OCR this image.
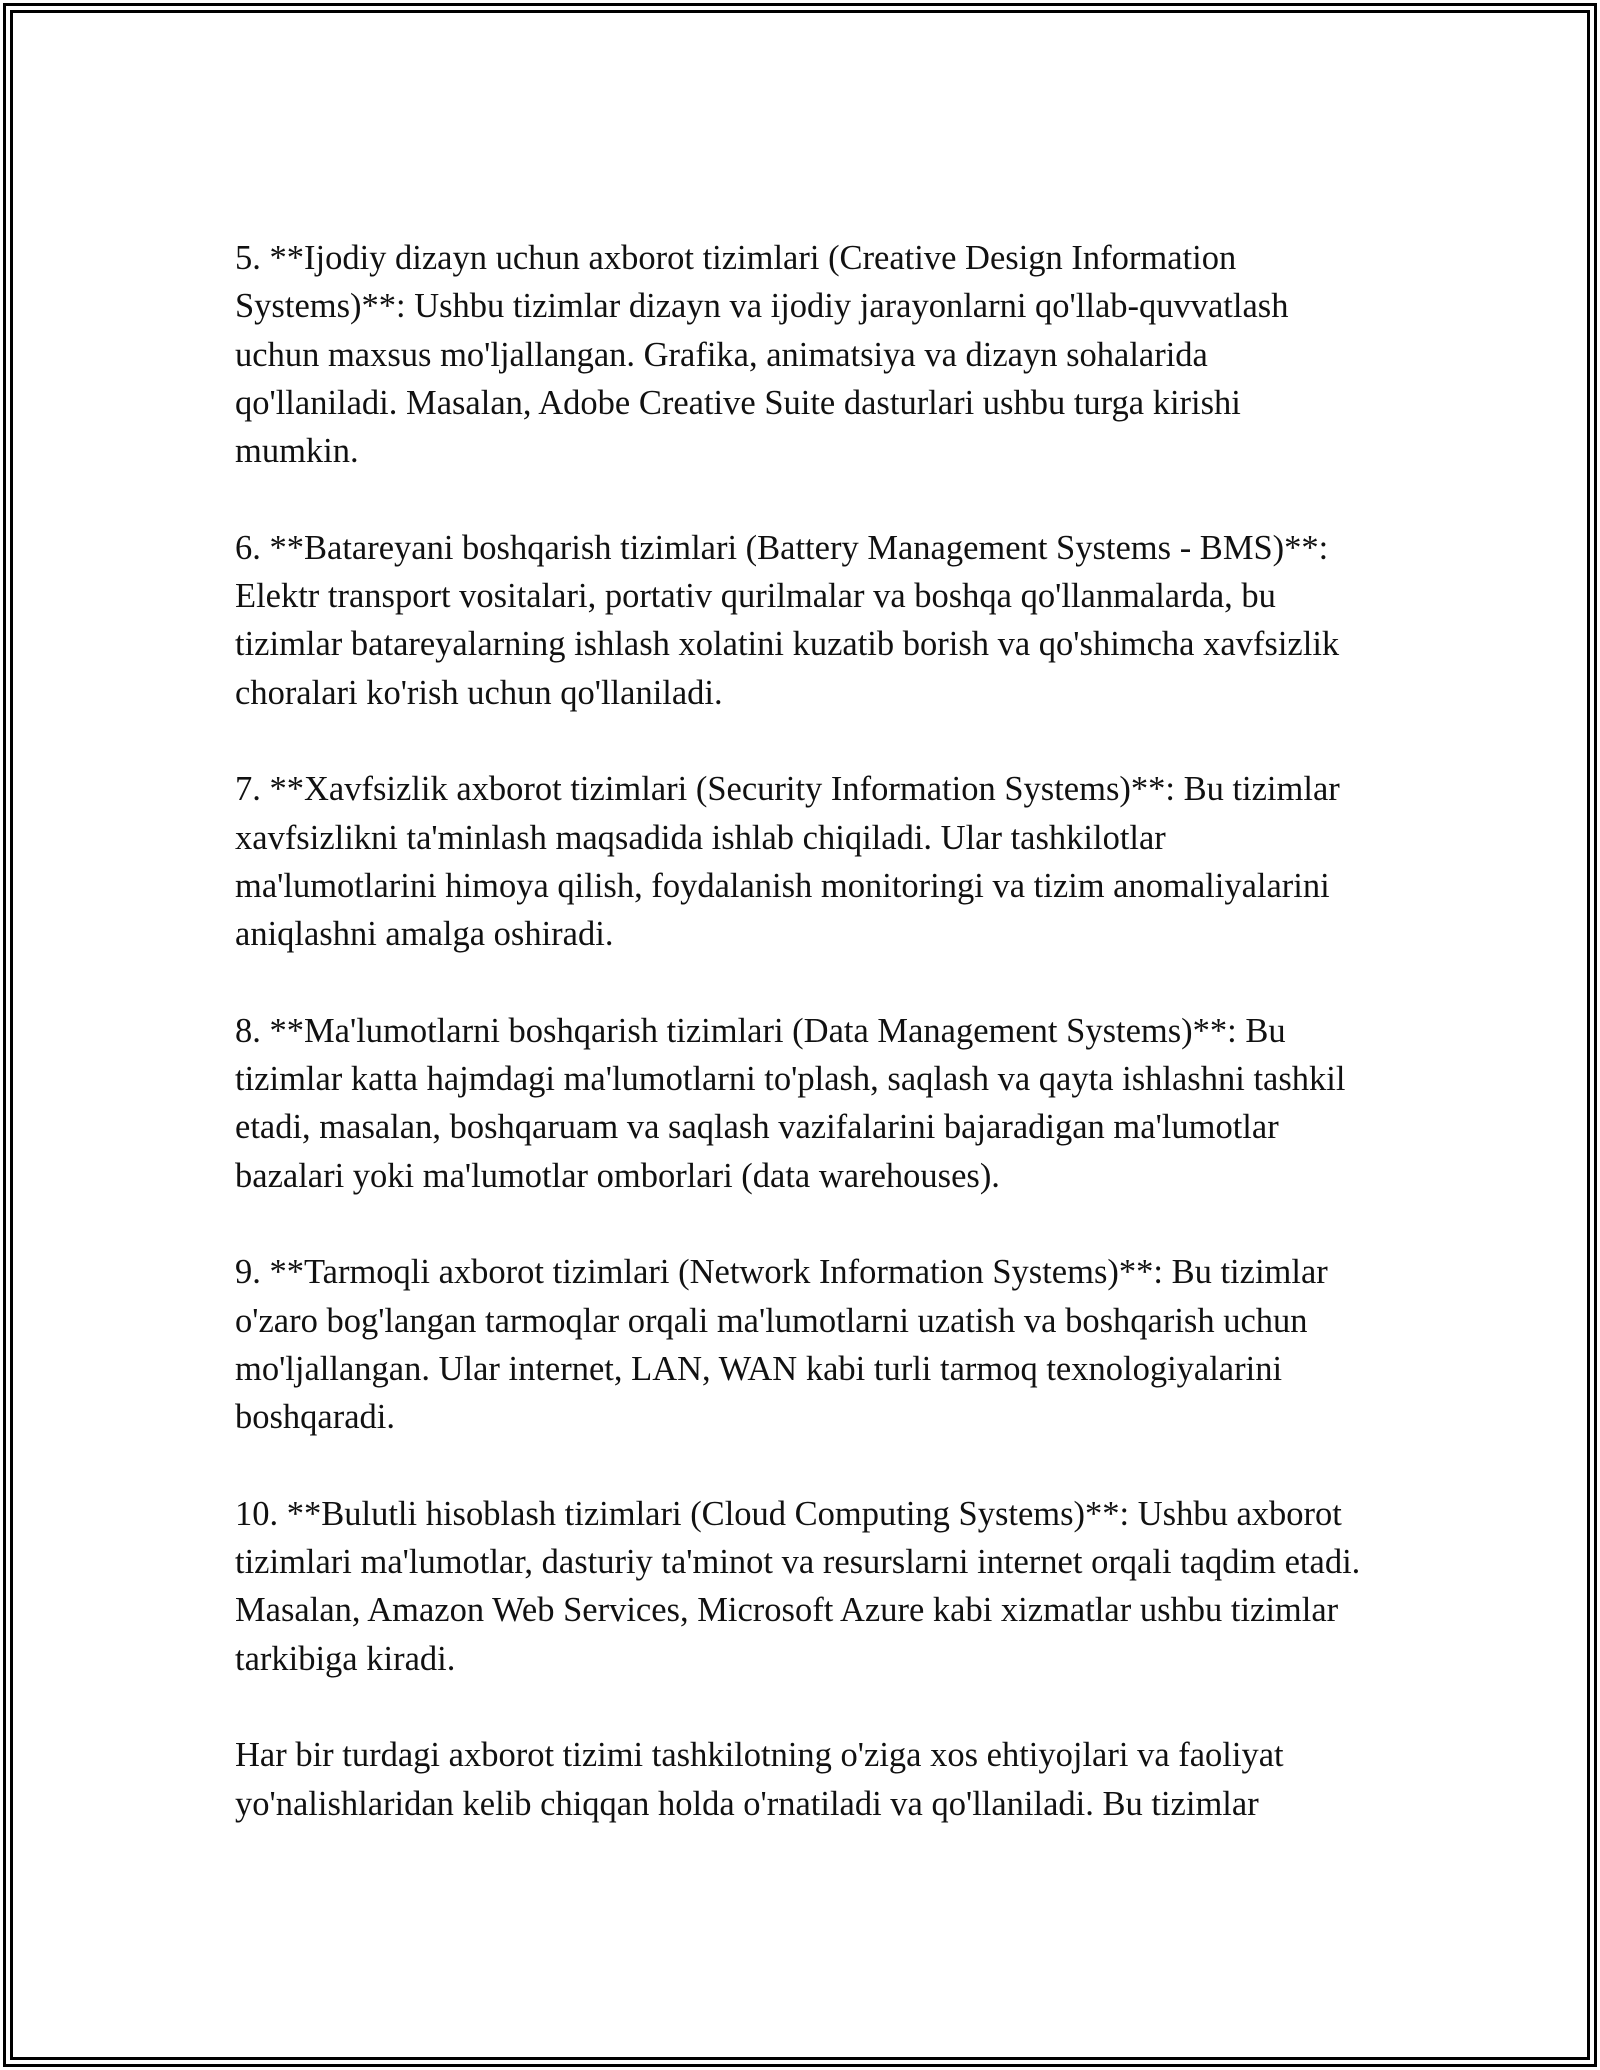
5. **Ijodiy dizayn uchun axborot tizimlari (Creative Design Information Systems)**: Ushbu tizimlar dizayn va ijodiy jarayonlarni qo'llab-quvvatlash uchun maxsus mo'ljallangan. Grafika, animatsiya va dizayn sohalarida qo'llaniladi. Masalan, Adobe Creative Suite dasturlari ushbu turga kirishi mumkin.

6. **Batareyani boshqarish tizimlari (Battery Management Systems - BMS)**: Elektr transport vositalari, portativ qurilmalar va boshqa qo'llanmalarda, bu tizimlar batareyalarning ishlash xolatini kuzatib borish va qo'shimcha xavfsizlik choralari ko'rish uchun qo'llaniladi.

7. **Xavfsizlik axborot tizimlari (Security Information Systems)**: Bu tizimlar xavfsizlikni ta'minlash maqsadida ishlab chiqiladi. Ular tashkilotlar ma'lumotlarini himoya qilish, foydalanish monitoringi va tizim anomaliyalarini aniqlashni amalga oshiradi.

8. **Ma'lumotlarni boshqarish tizimlari (Data Management Systems)**: Bu tizimlar katta hajmdagi ma'lumotlarni to'plash, saqlash va qayta ishlashni tashkil etadi, masalan, boshqaruam va saqlash vazifalarini bajaradigan ma'lumotlar bazalari yoki ma'lumotlar omborlari (data warehouses).

9. **Tarmoqli axborot tizimlari (Network Information Systems)**: Bu tizimlar o'zaro bog'langan tarmoqlar orqali ma'lumotlarni uzatish va boshqarish uchun mo'ljallangan. Ular internet, LAN, WAN kabi turli tarmoq texnologiyalarini boshqaradi.

10. **Bulutli hisoblash tizimlari (Cloud Computing Systems)**: Ushbu axborot tizimlari ma'lumotlar, dasturiy ta'minot va resurslarni internet orqali taqdim etadi. Masalan, Amazon Web Services, Microsoft Azure kabi xizmatlar ushbu tizimlar tarkibiga kiradi.

Har bir turdagi axborot tizimi tashkilotning o'ziga xos ehtiyojlari va faoliyat yo'nalishlaridan kelib chiqqan holda o'rnatiladi va qo'llaniladi. Bu tizimlar
